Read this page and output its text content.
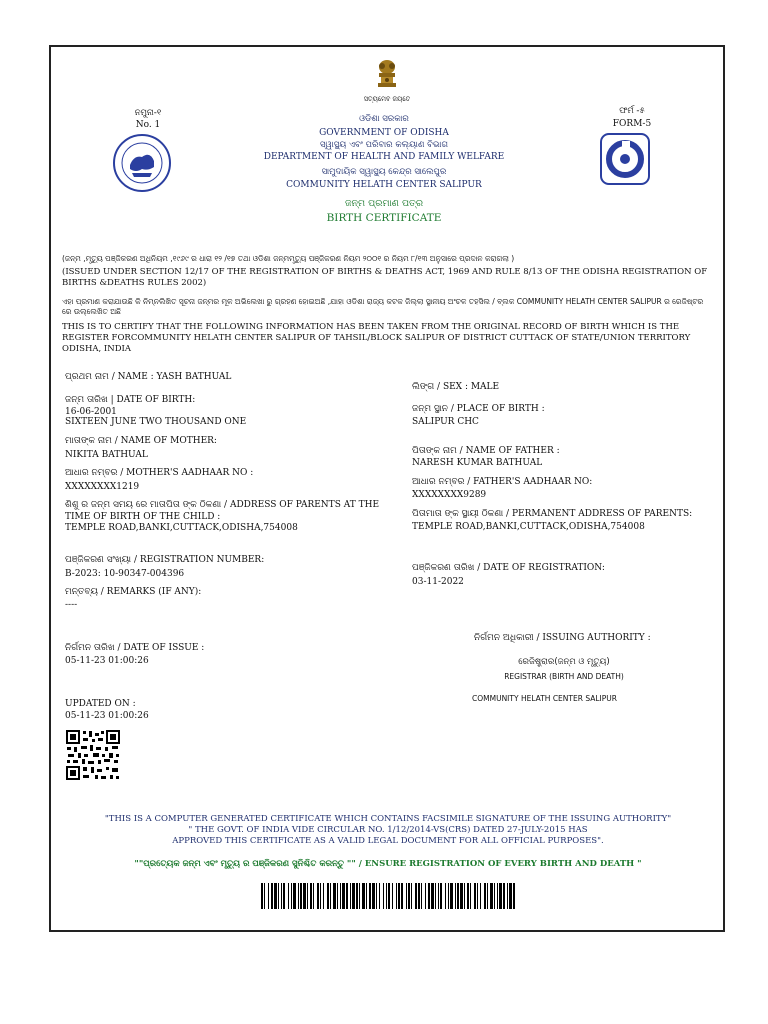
ସତ୍ୟମେବ ଜୟତେ
ନମୁନା-୧
No. 1
ଫର୍ମ -୫
FORM-5
ଓଡିଶା ସରକାର
GOVERNMENT OF ODISHA
ସ୍ୱାସ୍ଥ୍ୟ ଏବଂ ପରିବାର କଲ୍ୟାଣ ବିଭାଗ
DEPARTMENT OF HEALTH AND FAMILY WELFARE
ସାମୁଦାୟିକ ସ୍ୱାସ୍ଥ୍ୟ କେନ୍ଦ୍ର ସାଲେପୁର
COMMUNITY HELATH CENTER SALIPUR
ଜନ୍ମ ପ୍ରମାଣ ପତ୍ର
BIRTH CERTIFICATE
(ଜନ୍ମ ,ମୃତ୍ୟୁ ପଞ୍ଜିକରଣ ଅଧିନିୟମ ,୧୯୬୯ ର ଧାରା ୧୨ /୧୭ ତଥା ଓଡିଶା ଜନ୍ମମୃତ୍ୟୁ ପଞ୍ଜିକରଣ ନିୟମ ୨୦୦୧ ର ନିୟମ ୮/୧୩ ଅନୁସାରେ ପ୍ରଦାନ କରାଗଲା )
(ISSUED UNDER SECTION 12/17 OF THE REGISTRATION OF BIRTHS & DEATHS ACT, 1969 AND RULE 8/13 OF THE ODISHA REGISTRATION OF BIRTHS &DEATHS RULES 2002)
ଏହା ପ୍ରମାଣ କରାଯାଉଛି କି ନିମ୍ନଲିଖିତ ସୂଚନା ଜନ୍ମର ମୂଳ ଅଭିଲେଖା ରୁ ଗ୍ରହଣ ହୋଇଅଛି ,ଯାହା ଓଡିଶା ରାଜ୍ୟ କଟକ ଜିଲ୍ଲା ସ୍ଥାନୀୟ ଅଂଚଳ ତହସିଲ / ବ୍ଲକ COMMUNITY HELATH CENTER SALIPUR ର ରେଜିଷ୍ଟର ରେ ଉଲ୍ଲେଖିତ ଅଛି
THIS IS TO CERTIFY THAT THE FOLLOWING INFORMATION HAS BEEN TAKEN FROM THE ORIGINAL RECORD OF BIRTH WHICH IS THE REGISTER FORCOMMUNITY HELATH CENTER SALIPUR OF TAHSIL/BLOCK SALIPUR OF DISTRICT CUTTACK OF STATE/UNION TERRITORY ODISHA, INDIA
ପ୍ରଥମ ନାମ / NAME : YASH BATHUAL
ଜନ୍ମ ତାରିଖ | DATE OF BIRTH:
16-06-2001
SIXTEEN JUNE TWO THOUSAND ONE
ମାତାଙ୍କ ନାମ / NAME OF MOTHER:
NIKITA BATHUAL
ଆଧାର ନମ୍ବର / MOTHER'S AADHAAR NO :
XXXXXXXX1219
ଶିଶୁ ର ଜନ୍ମ ସମୟ ରେ ମାତାପିତା ଙ୍କ ଠିକଣା / ADDRESS OF PARENTS AT THE TIME OF BIRTH OF THE CHILD :
TEMPLE ROAD,BANKI,CUTTACK,ODISHA,754008
ପଞ୍ଜିକରଣ ସଂଖ୍ୟା / REGISTRATION NUMBER:
B-2023: 10-90347-004396
ମନ୍ତବ୍ୟ / REMARKS (IF ANY):
----
ନିର୍ଗମନ ତାରିଖ / DATE OF ISSUE :
05-11-23 01:00:26
UPDATED ON :
05-11-23 01:00:26
ଲିଙ୍ଗ / SEX : MALE
ଜନ୍ମ ସ୍ଥାନ / PLACE OF BIRTH :
SALIPUR CHC
ପିତାଙ୍କ ନାମ / NAME OF FATHER :
NARESH KUMAR BATHUAL
ଆଧାର ନମ୍ବର / FATHER'S AADHAAR NO:
XXXXXXXX9289
ପିତାମାତା ଙ୍କ ସ୍ଥାୟୀ ଠିକଣା / PERMANENT ADDRESS OF PARENTS:
TEMPLE ROAD,BANKI,CUTTACK,ODISHA,754008
ପଞ୍ଜିକରଣ ତାରିଖ / DATE OF REGISTRATION:
03-11-2022
ନିର୍ଗମନ ଅଧିକାରୀ / ISSUING AUTHORITY :
ରେଜିଷ୍ଟ୍ରାର(ଜନ୍ମ ଓ ମୃତ୍ୟୁ)
REGISTRAR (BIRTH AND DEATH)
COMMUNITY HELATH CENTER SALIPUR
"THIS IS A COMPUTER GENERATED CERTIFICATE WHICH CONTAINS FACSIMILE SIGNATURE OF THE ISSUING AUTHORITY"
" THE GOVT. OF INDIA VIDE CIRCULAR NO. 1/12/2014-VS(CRS) DATED 27-JULY-2015 HAS
APPROVED THIS CERTIFICATE AS A VALID LEGAL DOCUMENT FOR ALL OFFICIAL PURPOSES".
""ପ୍ରତ୍ୟେକ ଜନ୍ମ ଏବଂ ମୃତ୍ୟୁ ର ପଞ୍ଜିକରଣ ସୁନିଶ୍ଚିତ କରନ୍ତୁ "" / ENSURE REGISTRATION OF EVERY BIRTH AND DEATH "
